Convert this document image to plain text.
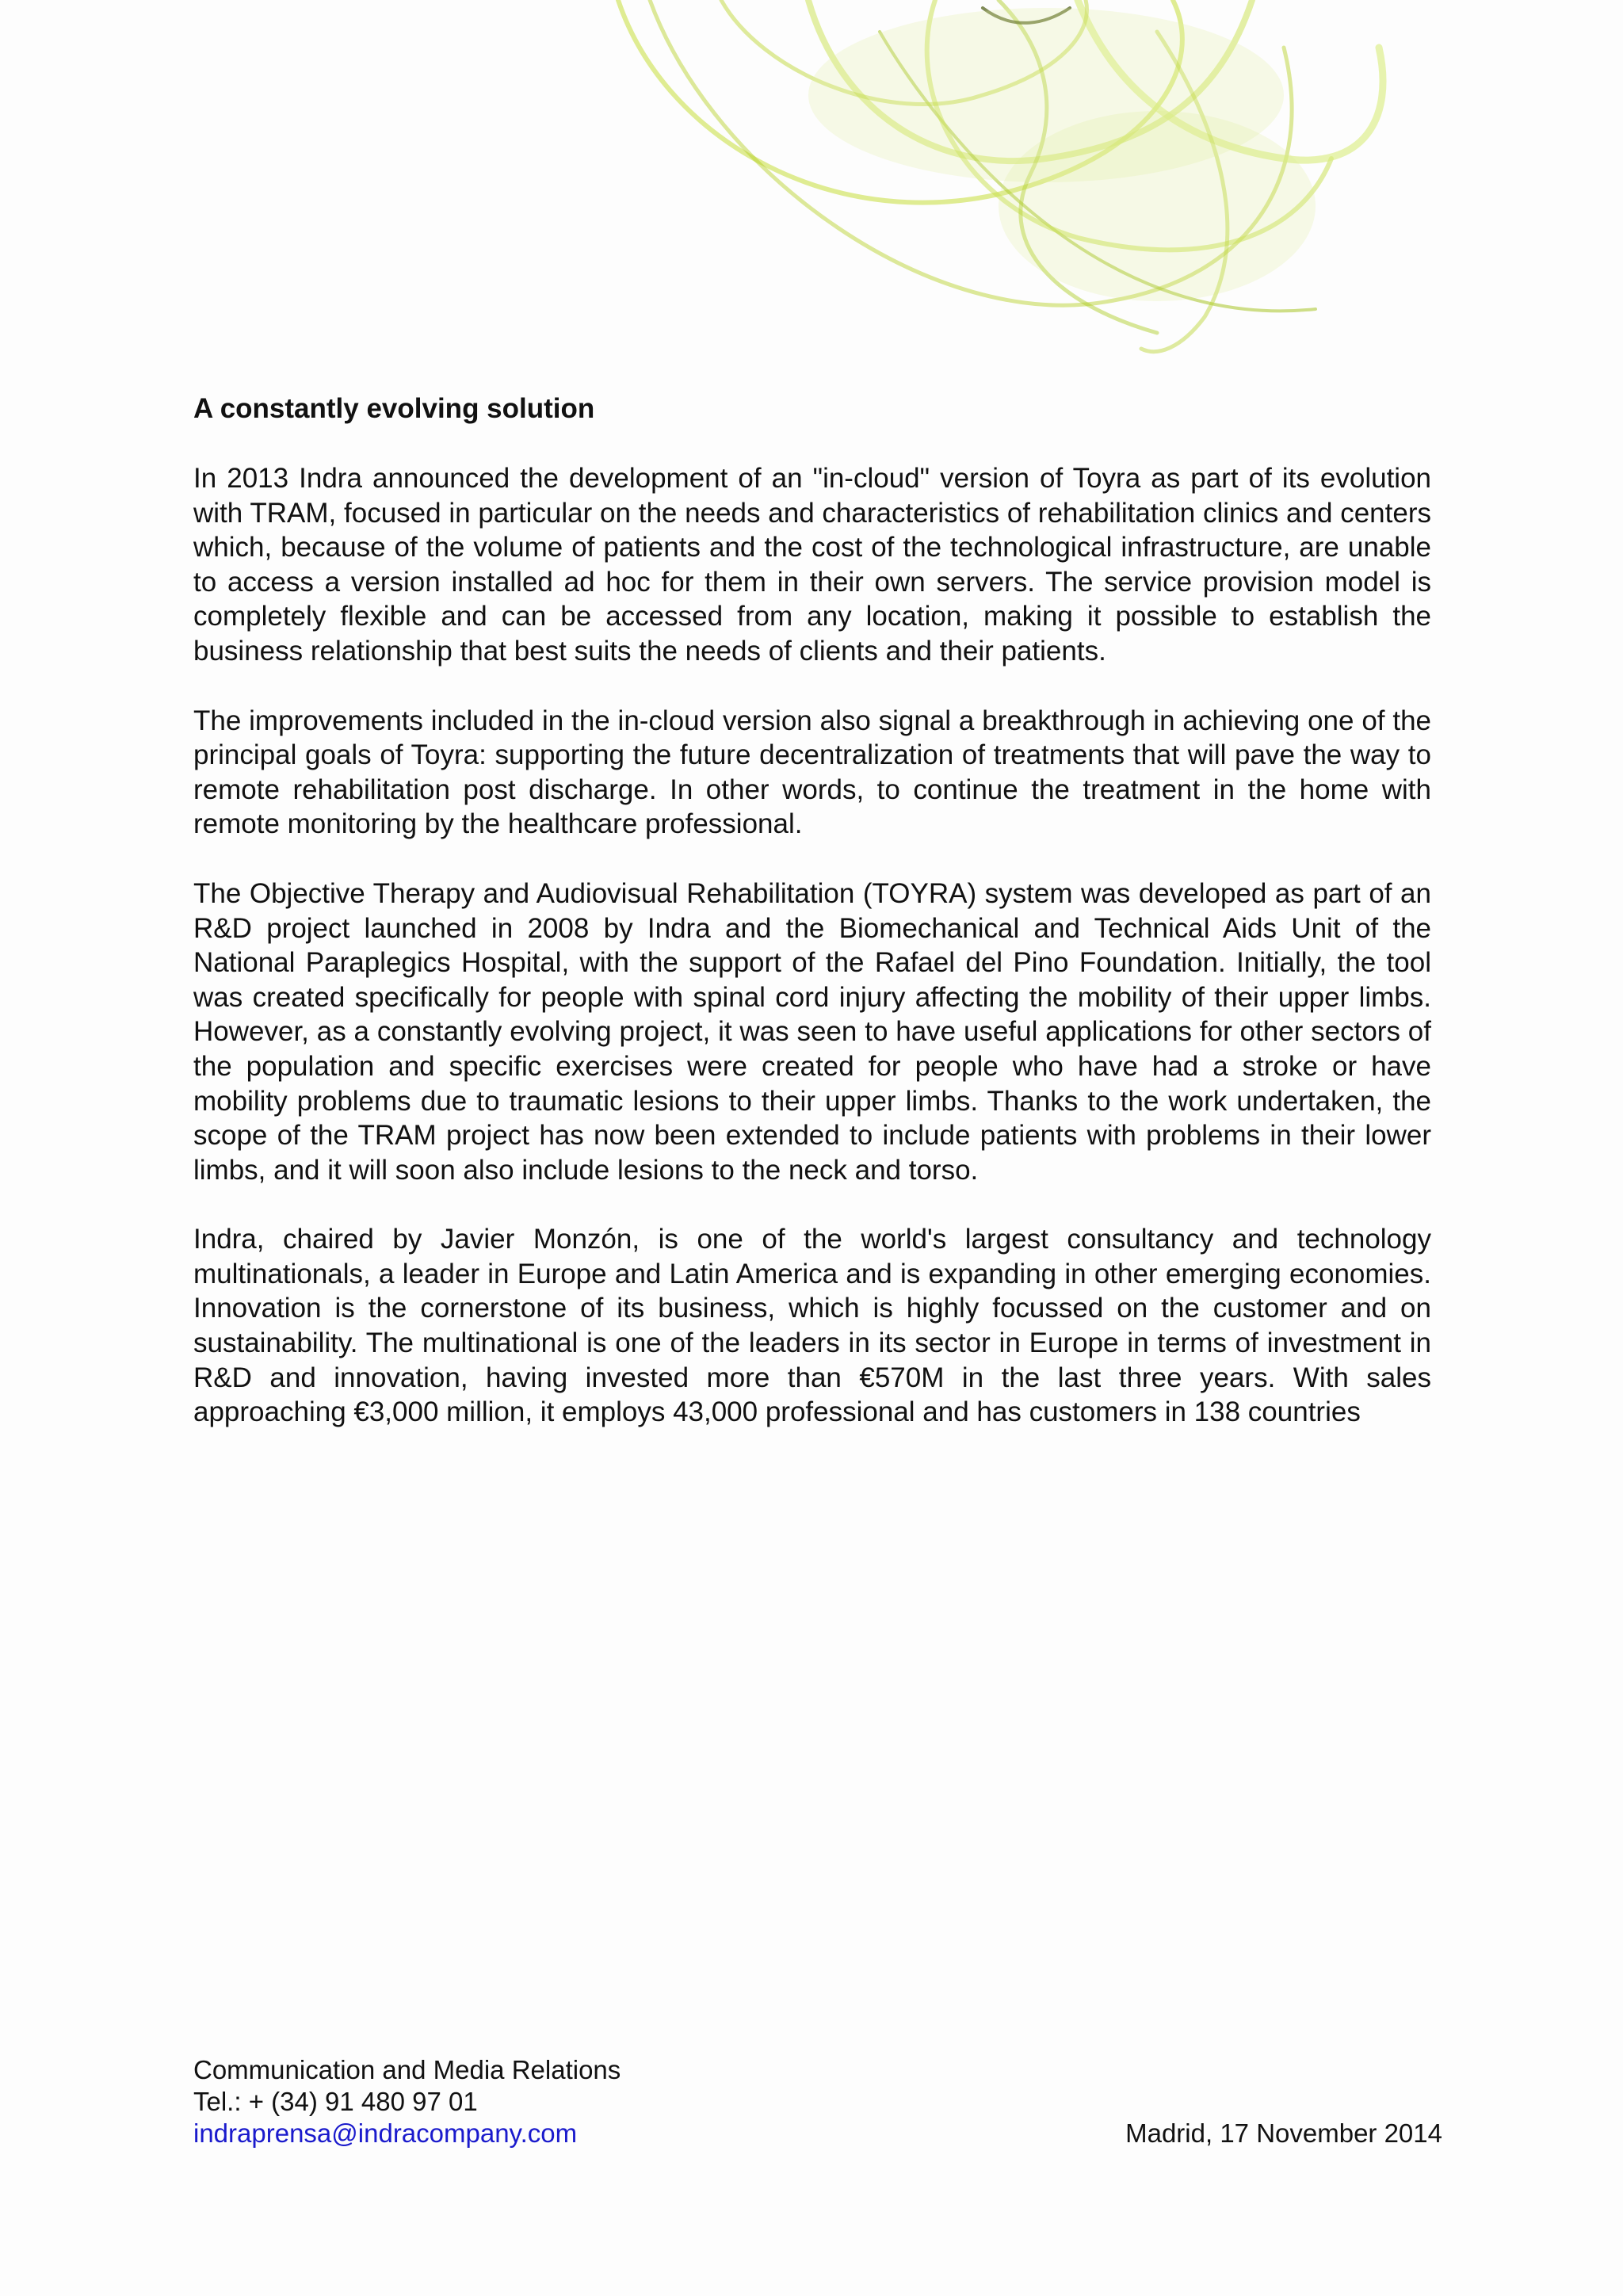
A constantly evolving solution

In 2013 Indra announced the development of an "in-cloud" version of Toyra as part of its evolution with TRAM, focused in particular on the needs and characteristics of rehabilitation clinics and centers which, because of the volume of patients and the cost of the technological infrastructure, are unable to access a version installed ad hoc for them in their own servers. The service provision model is completely flexible and can be accessed from any location, making it possible to establish the business relationship that best suits the needs of clients and their patients.

The improvements included in the in-cloud version also signal a breakthrough in achieving one of the principal goals of Toyra: supporting the future decentralization of treatments that will pave the way to remote rehabilitation post discharge. In other words, to continue the treatment in the home with remote monitoring by the healthcare professional.

The Objective Therapy and Audiovisual Rehabilitation (TOYRA) system was developed as part of an R&D project launched in 2008 by Indra and the Biomechanical and Technical Aids Unit of the National Paraplegics Hospital, with the support of the Rafael del Pino Foundation. Initially, the tool was created specifically for people with spinal cord injury affecting the mobility of their upper limbs. However, as a constantly evolving project, it was seen to have useful applications for other sectors of the population and specific exercises were created for people who have had a stroke or have mobility problems due to traumatic lesions to their upper limbs. Thanks to the work undertaken, the scope of the TRAM project has now been extended to include patients with problems in their lower limbs, and it will soon also include lesions to the neck and torso.

Indra, chaired by Javier Monzón, is one of the world's largest consultancy and technology multinationals, a leader in Europe and Latin America and is expanding in other emerging economies. Innovation is the cornerstone of its business, which is highly focussed on the customer and on sustainability. The multinational is one of the leaders in its sector in Europe in terms of investment in R&D and innovation, having invested more than €570M in the last three years. With sales approaching €3,000 million, it employs 43,000 professional and has customers in 138 countries

Communication and Media Relations
Tel.: + (34) 91 480 97 01
indraprensa@indracompany.com	Madrid, 17 November 2014
